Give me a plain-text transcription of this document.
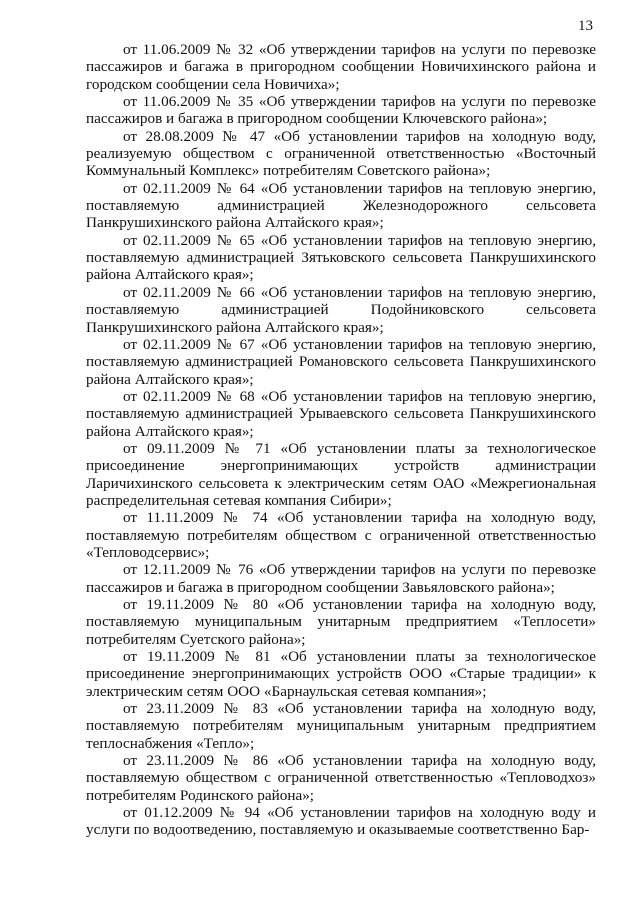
13

от 11.06.2009 № 32 «Об утверждении тарифов на услуги по перевозке пассажиров и багажа в пригородном сообщении Новичихинского района и городском сообщении села Новичиха»;

от 11.06.2009 № 35 «Об утверждении тарифов на услуги по перевозке пассажиров и багажа в пригородном сообщении Ключевского района»;

от 28.08.2009 № 47 «Об установлении тарифов на холодную воду, реализуемую обществом с ограниченной ответственностью «Восточный Коммунальный Комплекс» потребителям Советского района»;

от 02.11.2009 № 64 «Об установлении тарифов на тепловую энергию, поставляемую администрацией Железнодорожного сельсовета Панкрушихинского района Алтайского края»;

от 02.11.2009 № 65 «Об установлении тарифов на тепловую энергию, поставляемую администрацией Зятьковского сельсовета Панкрушихинского района Алтайского края»;

от 02.11.2009 № 66 «Об установлении тарифов на тепловую энергию, поставляемую администрацией Подойниковского сельсовета Панкрушихинского района Алтайского края»;

от 02.11.2009 № 67 «Об установлении тарифов на тепловую энергию, поставляемую администрацией Романовского сельсовета Панкрушихинского района Алтайского края»;

от 02.11.2009 № 68 «Об установлении тарифов на тепловую энергию, поставляемую администрацией Урываевского сельсовета Панкрушихинского района Алтайского края»;

от 09.11.2009 № 71 «Об установлении платы за технологическое присоединение энергопринимающих устройств администрации Ларичихинского сельсовета к электрическим сетям ОАО «Межрегиональная распределительная сетевая компания Сибири»;

от 11.11.2009 № 74 «Об установлении тарифа на холодную воду, поставляемую потребителям обществом с ограниченной ответственностью «Тепловодсервис»;

от 12.11.2009 № 76 «Об утверждении тарифов на услуги по перевозке пассажиров и багажа в пригородном сообщении Завьяловского района»;

от 19.11.2009 № 80 «Об установлении тарифа на холодную воду, поставляемую муниципальным унитарным предприятием «Теплосети» потребителям Суетского района»;

от 19.11.2009 № 81 «Об установлении платы за технологическое присоединение энергопринимающих устройств ООО «Старые традиции» к электрическим сетям ООО «Барнаульская сетевая компания»;

от 23.11.2009 № 83 «Об установлении тарифа на холодную воду, поставляемую потребителям муниципальным унитарным предприятием теплоснабжения «Тепло»;

от 23.11.2009 № 86 «Об установлении тарифа на холодную воду, поставляемую обществом с ограниченной ответственностью «Тепловодхоз» потребителям Родинского района»;

от 01.12.2009 № 94 «Об установлении тарифов на холодную воду и услуги по водоотведению, поставляемую и оказываемые соответственно Бар-
